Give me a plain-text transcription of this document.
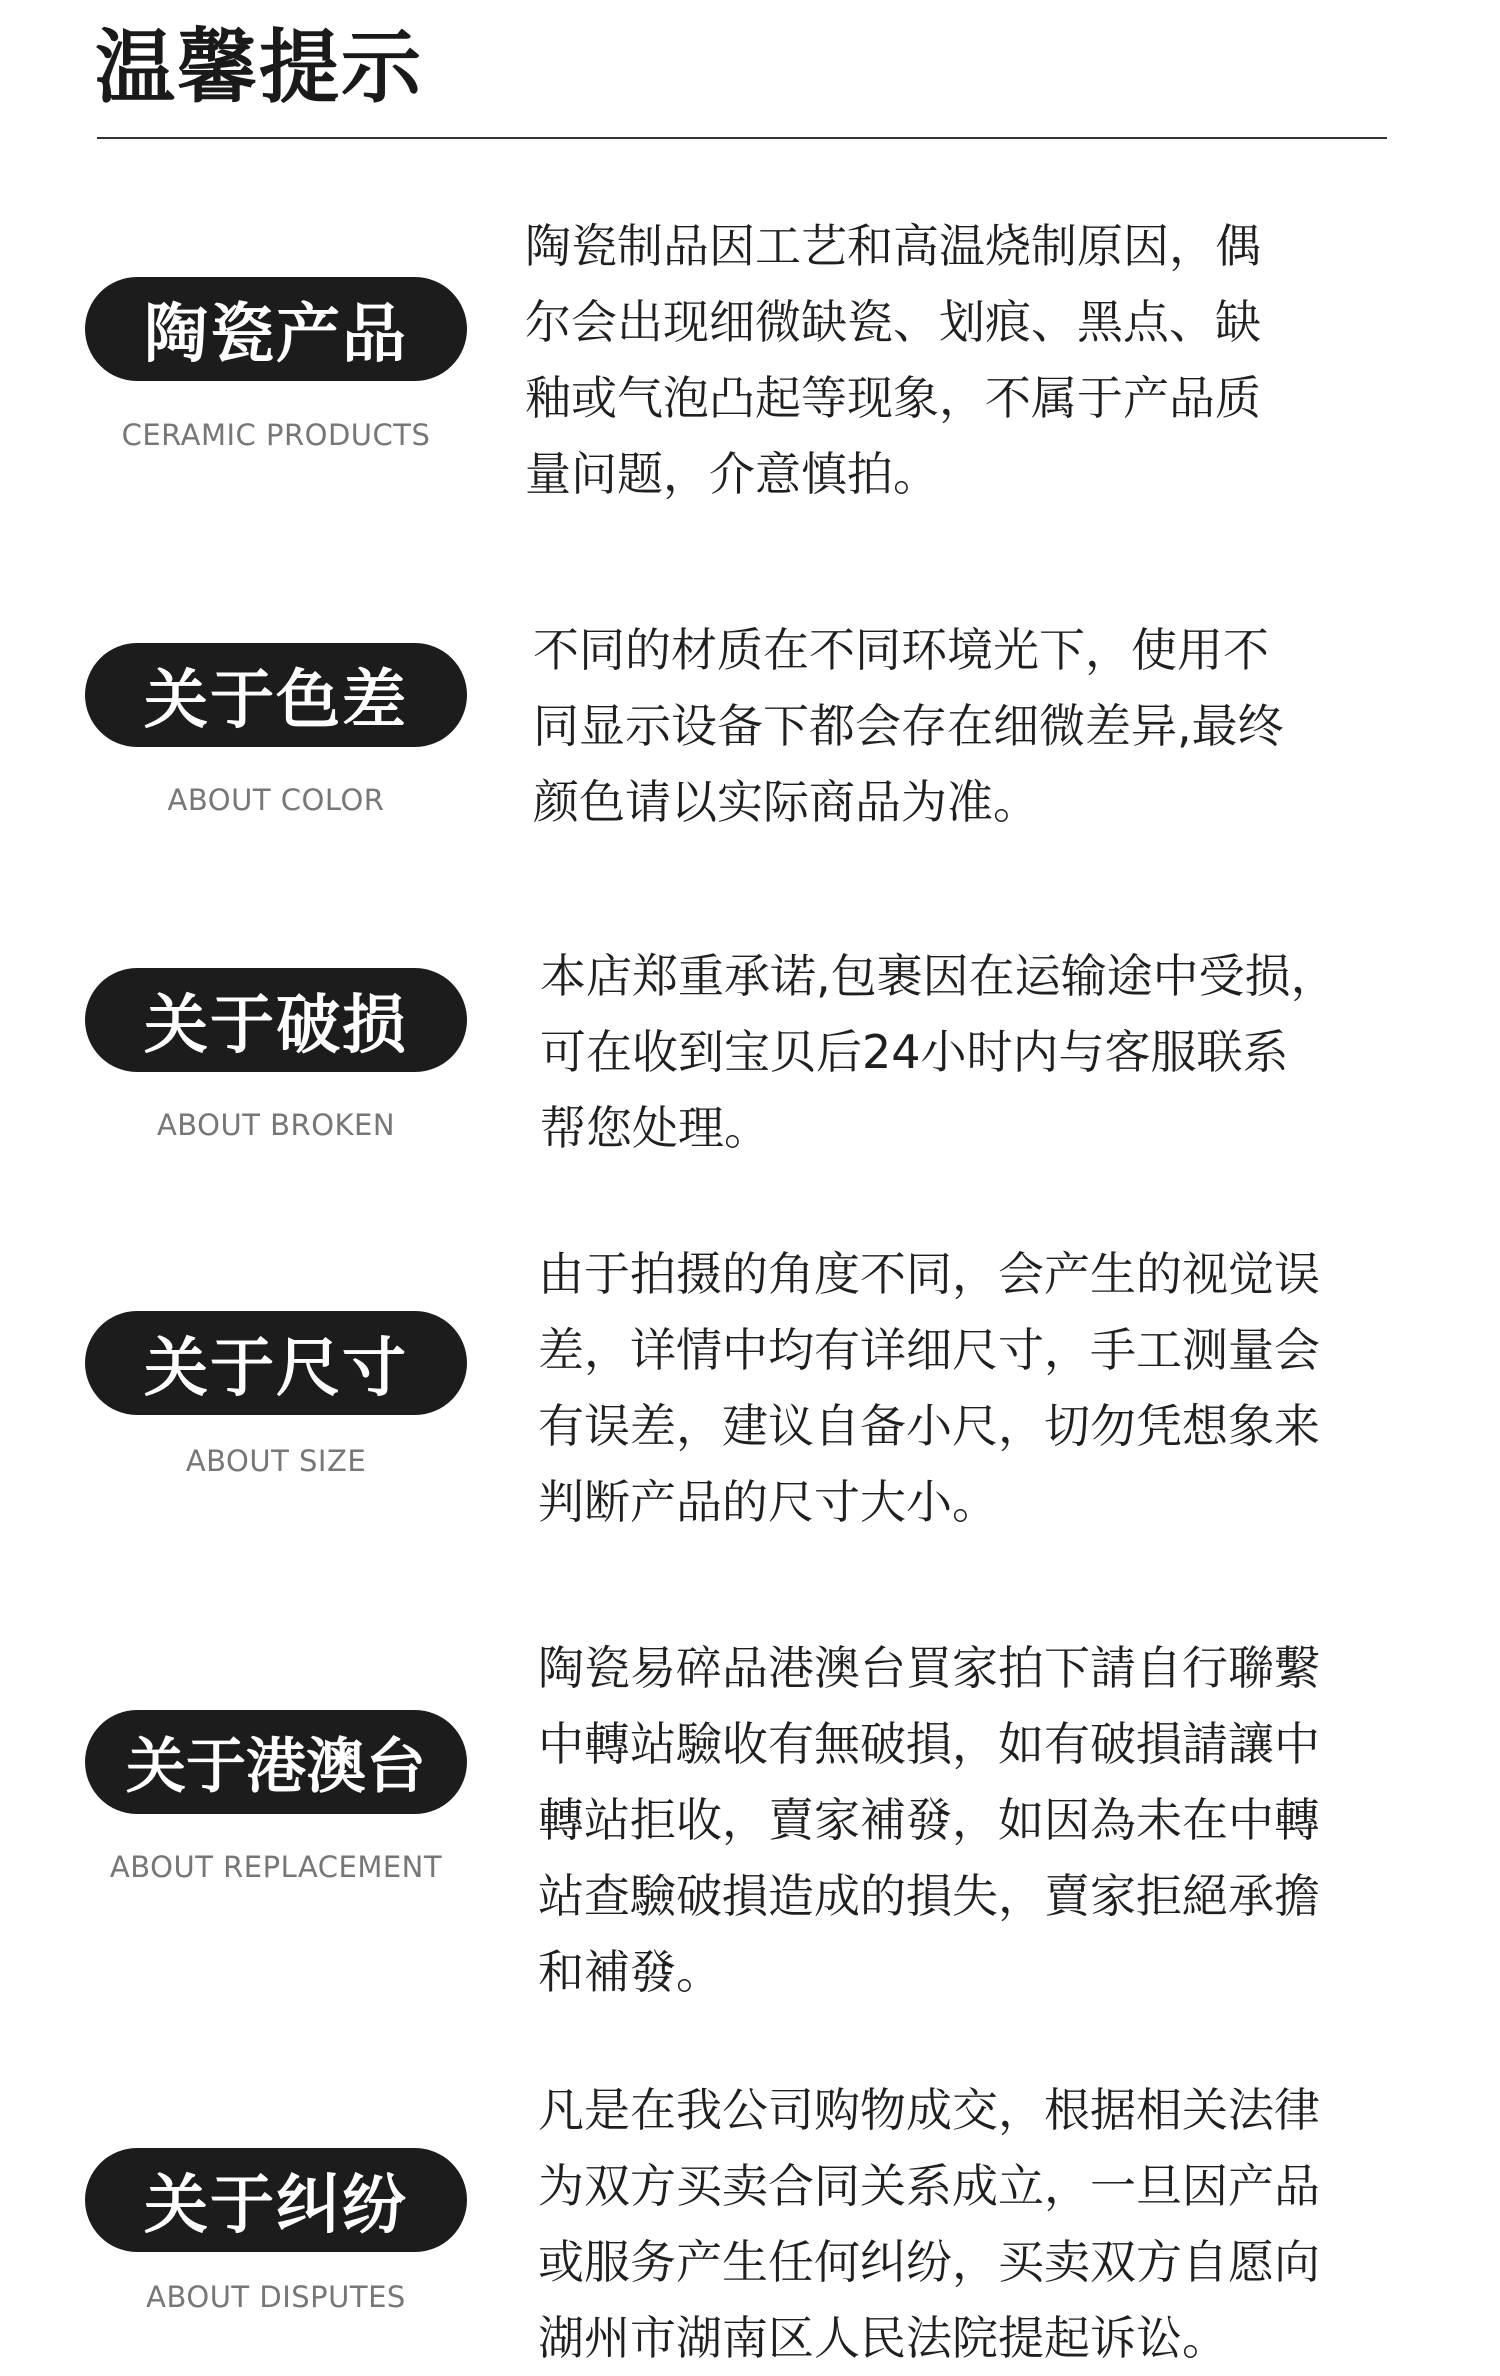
温馨提示
陶瓷产品
CERAMIC PRODUCTS
陶瓷制品因工艺和高温烧制原因，偶
尔会出现细微缺瓷、划痕、黑点、缺
釉或气泡凸起等现象，不属于产品质
量问题，介意慎拍。
关于色差
ABOUT COLOR
不同的材质在不同环境光下，使用不
同显示设备下都会存在细微差异,最终
颜色请以实际商品为准。
关于破损
ABOUT BROKEN
本店郑重承诺,包裹因在运输途中受损，
可在收到宝贝后24小时内与客服联系
帮您处理。
关于尺寸
ABOUT SIZE
由于拍摄的角度不同，会产生的视觉误
差，详情中均有详细尺寸，手工测量会
有误差，建议自备小尺，切勿凭想象来
判断产品的尺寸大小。
关于港澳台
ABOUT REPLACEMENT
陶瓷易碎品港澳台買家拍下請自行聯繫
中轉站驗收有無破損，如有破損請讓中
轉站拒收，賣家補發，如因為未在中轉
站查驗破損造成的損失，賣家拒絕承擔
和補發。
关于纠纷
ABOUT DISPUTES
凡是在我公司购物成交，根据相关法律
为双方买卖合同关系成立，一旦因产品
或服务产生任何纠纷，买卖双方自愿向
湖州市湖南区人民法院提起诉讼。
